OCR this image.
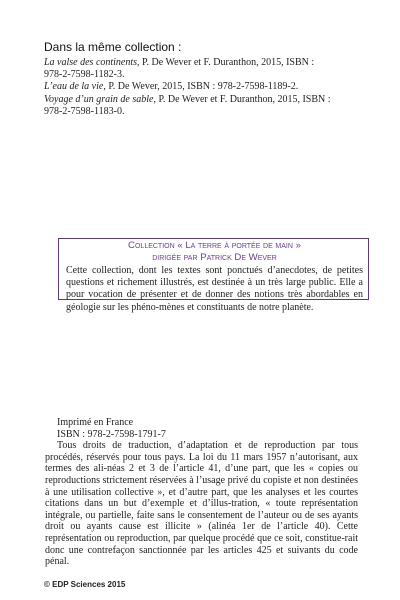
Dans la même collection :

La valse des continents, P. De Wever et F. Duranthon, 2015, ISBN :
978-2-7598-1182-3.

L’eau de la vie, P. De Wever, 2015, ISBN : 978-2-7598-1189-2.

Voyage d’un grain de sable, P. De Wever et F. Duranthon, 2015, ISBN :
978-2-7598-1183-0.

Collection « La terre à portée de main »
dirigée par Patrick De Wever
Cette collection, dont les textes sont ponctués d’anecdotes, de petites questions et richement illustrés, est destinée à un très large public. Elle a pour vocation de présenter et de donner des notions très abordables en géologie sur les phéno-mènes et constituants de notre planète.

Imprimé en France

ISBN : 978-2-7598-1791-7

Tous droits de traduction, d’adaptation et de reproduction par tous procédés, réservés pour tous pays. La loi du 11 mars 1957 n’autorisant, aux termes des ali-néas 2 et 3 de l’article 41, d’une part, que les « copies ou reproductions strictement réservées à l’usage privé du copiste et non destinées à une utilisation collective », et d’autre part, que les analyses et les courtes citations dans un but d’exemple et d’illus-tration, « toute représentation intégrale, ou partielle, faite sans le consentement de l’auteur ou de ses ayants droit ou ayants cause est illicite » (alinéa 1er de l’article 40). Cette représentation ou reproduction, par quelque procédé que ce soit, constitue-rait donc une contrefaçon sanctionnée par les articles 425 et suivants du code pénal.

© EDP Sciences 2015
